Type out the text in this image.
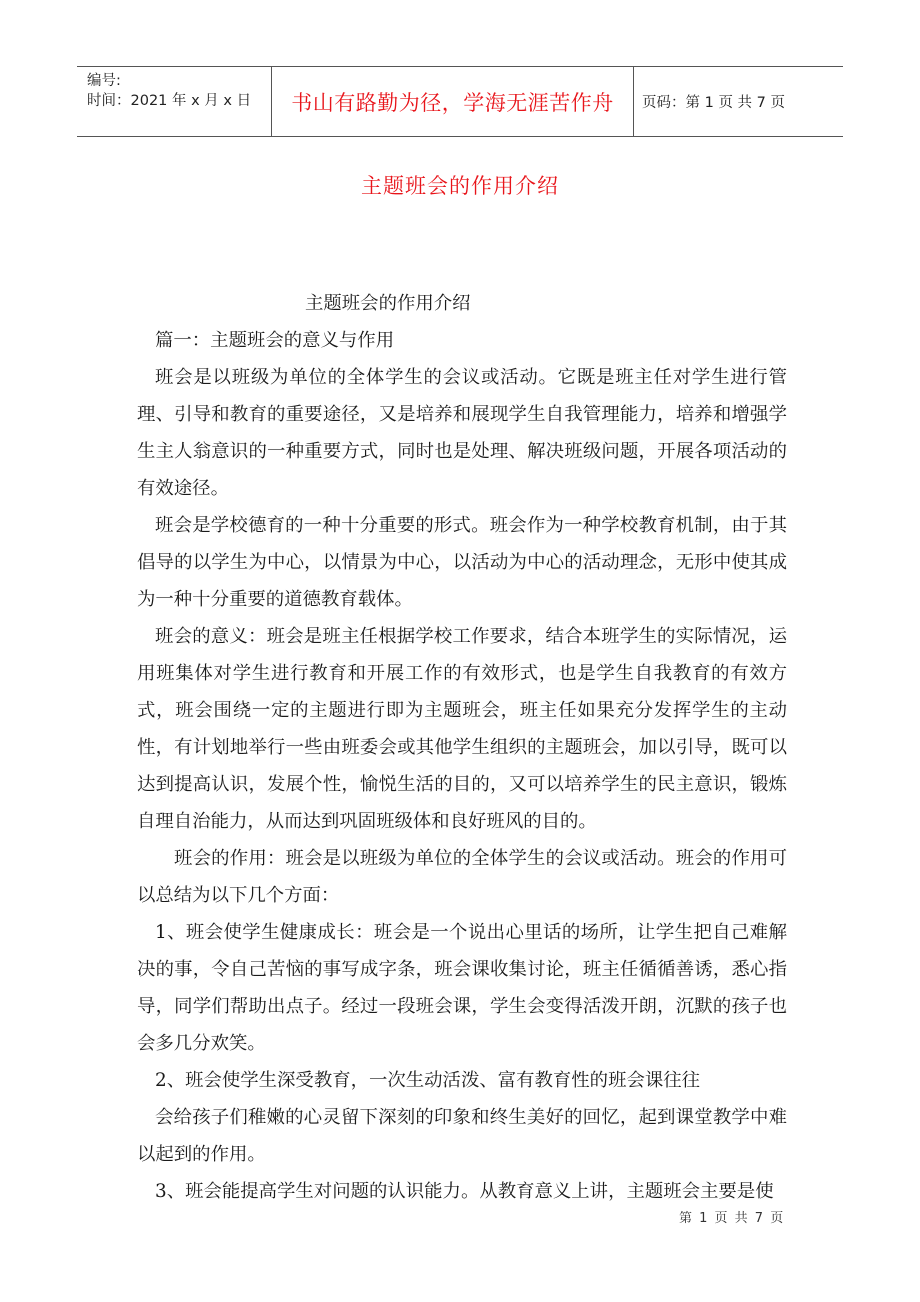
编号:
时间：2021 年 x 月 x 日	书山有路勤为径，学海无涯苦作舟 页码：第 1 页 共 7 页
主题班会的作用介绍

主题班会的作用介绍

篇一：主题班会的意义与作用

班会是以班级为单位的全体学生的会议或活动。它既是班主任对学生进行管理、引导和教育的重要途径，又是培养和展现学生自我管理能力，培养和增强学生主人翁意识的一种重要方式，同时也是处理、解决班级问题，开展各项活动的有效途径。

班会是学校德育的一种十分重要的形式。班会作为一种学校教育机制，由于其倡导的以学生为中心，以情景为中心，以活动为中心的活动理念，无形中使其成为一种十分重要的道德教育载体。

班会的意义：班会是班主任根据学校工作要求，结合本班学生的实际情况，运用班集体对学生进行教育和开展工作的有效形式，也是学生自我教育的有效方式，班会围绕一定的主题进行即为主题班会，班主任如果充分发挥学生的主动性，有计划地举行一些由班委会或其他学生组织的主题班会，加以引导，既可以达到提高认识，发展个性，愉悦生活的目的，又可以培养学生的民主意识，锻炼自理自治能力，从而达到巩固班级体和良好班风的目的。

班会的作用：班会是以班级为单位的全体学生的会议或活动。班会的作用可以总结为以下几个方面：

1、班会使学生健康成长：班会是一个说出心里话的场所，让学生把自己难解决的事，令自己苦恼的事写成字条，班会课收集讨论，班主任循循善诱，悉心指导，同学们帮助出点子。经过一段班会课，学生会变得活泼开朗，沉默的孩子也会多几分欢笑。

2、班会使学生深受教育，一次生动活泼、富有教育性的班会课往往

会给孩子们稚嫩的心灵留下深刻的印象和终生美好的回忆，起到课堂教学中难以起到的作用。

3、班会能提高学生对问题的认识能力。从教育意义上讲，主题班会主要是使

第 1 页 共 7 页
